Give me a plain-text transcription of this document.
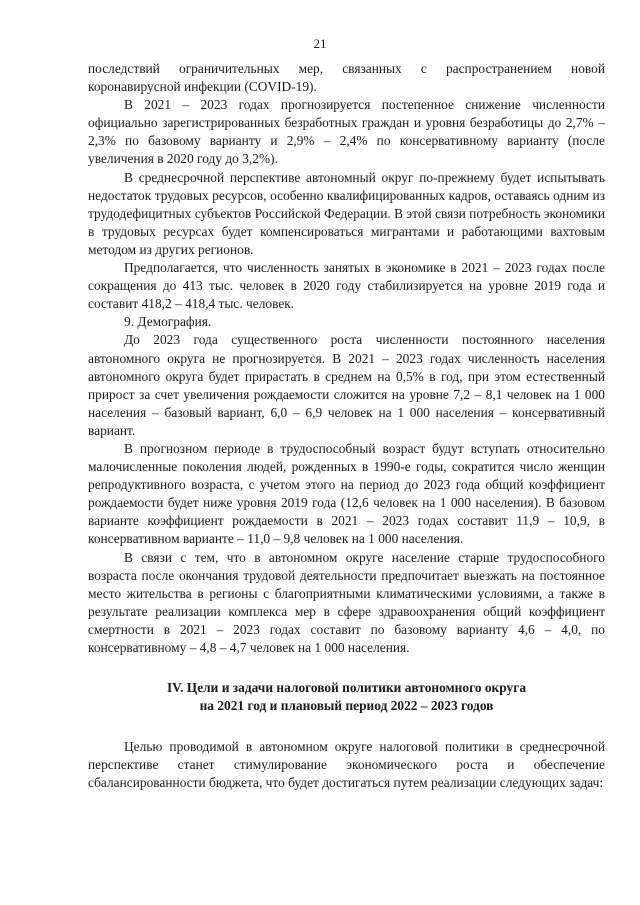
21

последствий ограничительных мер, связанных с распространением новой коронавирусной инфекции (COVID-19).

В 2021 – 2023 годах прогнозируется постепенное снижение численности официально зарегистрированных безработных граждан и уровня безработицы до 2,7% – 2,3% по базовому варианту и 2,9% – 2,4% по консервативному варианту (после увеличения в 2020 году до 3,2%).

В среднесрочной перспективе автономный округ по-прежнему будет испытывать недостаток трудовых ресурсов, особенно квалифицированных кадров, оставаясь одним из трудодефицитных субъектов Российской Федерации. В этой связи потребность экономики в трудовых ресурсах будет компенсироваться мигрантами и работающими вахтовым методом из других регионов.

Предполагается, что численность занятых в экономике в 2021 – 2023 годах после сокращения до 413 тыс. человек в 2020 году стабилизируется на уровне 2019 года и составит 418,2 – 418,4 тыс. человек.

9. Демография.

До 2023 года существенного роста численности постоянного населения автономного округа не прогнозируется. В 2021 – 2023 годах численность населения автономного округа будет прирастать в среднем на 0,5% в год, при этом естественный прирост за счет увеличения рождаемости сложится на уровне 7,2 – 8,1 человек на 1 000 населения – базовый вариант, 6,0 – 6,9 человек на 1 000 населения – консервативный вариант.

В прогнозном периоде в трудоспособный возраст будут вступать относительно малочисленные поколения людей, рожденных в 1990-е годы, сократится число женщин репродуктивного возраста, с учетом этого на период до 2023 года общий коэффициент рождаемости будет ниже уровня 2019 года (12,6 человек на 1 000 населения). В базовом варианте коэффициент рождаемости в 2021 – 2023 годах составит 11,9 – 10,9, в консервативном варианте – 11,0 – 9,8 человек на 1 000 населения.

В связи с тем, что в автономном округе население старше трудоспособного возраста после окончания трудовой деятельности предпочитает выезжать на постоянное место жительства в регионы с благоприятными климатическими условиями, а также в результате реализации комплекса мер в сфере здравоохранения общий коэффициент смертности в 2021 – 2023 годах составит по базовому варианту 4,6 – 4,0, по консервативному – 4,8 – 4,7 человек на 1 000 населения.

IV. Цели и задачи налоговой политики автономного округа
на 2021 год и плановый период 2022 – 2023 годов

Целью проводимой в автономном округе налоговой политики в среднесрочной перспективе станет стимулирование экономического роста и обеспечение сбалансированности бюджета, что будет достигаться путем реализации следующих задач:
